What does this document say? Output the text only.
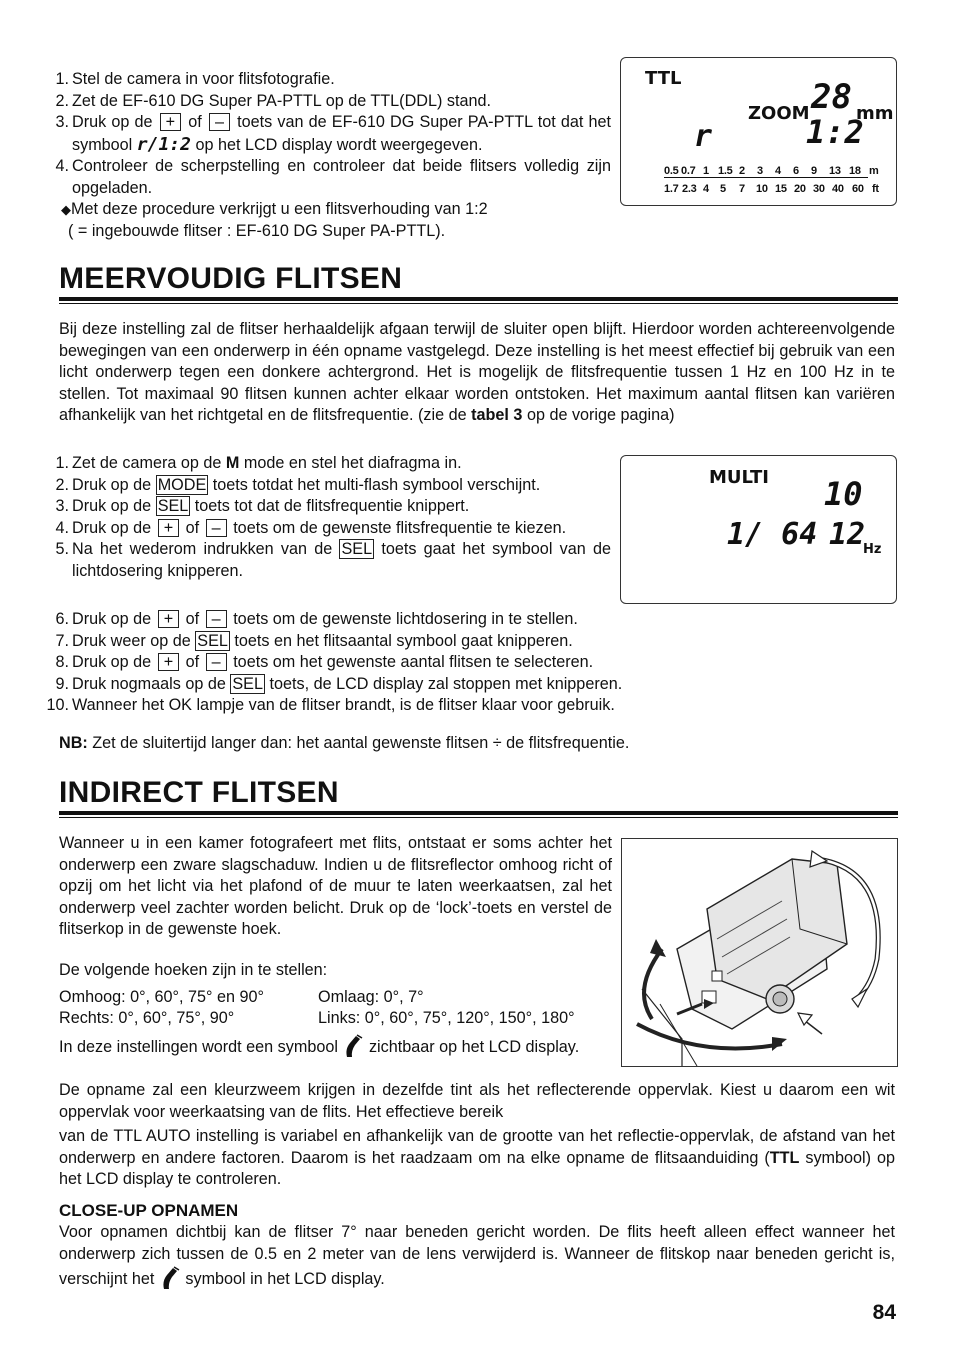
1. Stel de camera in voor flitsfotografie.
2. Zet de EF-610 DG Super PA-PTTL op de TTL(DDL) stand.
3. Druk op de + of – toets van de EF-610 DG Super PA-PTTL tot dat het symbool r/1:2 op het LCD display wordt weergegeven.
4. Controleer de scherpstelling en controleer dat beide flitsers volledig zijn opgeladen.
◆Met deze procedure verkrijgt u een flitsverhouding van 1:2
( = ingebouwde flitser : EF-610 DG Super PA-PTTL).
TTL
ZOOM 28 mm
r	1:2
0.5 0.7 1 1.5 2 3 4 6 9 13 18 m
1.7 2.3 4 5 7 10 15 20 30 40 60 ft
MEERVOUDIG FLITSEN
Bij deze instelling zal de flitser herhaaldelijk afgaan terwijl de sluiter open blijft. Hierdoor worden achtereenvolgende bewegingen van een onderwerp in één opname vastgelegd. Deze instelling is het meest effectief bij gebruik van een licht onderwerp tegen een donkere achtergrond. Het is mogelijk de flitsfrequentie tussen 1 Hz en 100 Hz in te stellen. Tot maximaal 90 flitsen kunnen achter elkaar worden ontstoken. Het maximum aantal flitsen kan variëren afhankelijk van het richtgetal en de flitsfrequentie. (zie de tabel 3 op de vorige pagina)
1. Zet de camera op de M mode en stel het diafragma in.
2. Druk op de MODE toets totdat het multi-flash symbool verschijnt.
3. Druk op de SEL toets tot dat de flitsfrequentie knippert.
4. Druk op de + of – toets om de gewenste flitsfrequentie te kiezen.
5. Na het wederom indrukken van de SEL toets gaat het symbool van de lichtdosering knipperen.
6. Druk op de + of – toets om de gewenste lichtdosering in te stellen.
7. Druk weer op de SEL toets en het flitsaantal symbool gaat knipperen.
8. Druk op de + of – toets om het gewenste aantal flitsen te selecteren.
9. Druk nogmaals op de SEL toets, de LCD display zal stoppen met knipperen.
10. Wanneer het OK lampje van de flitser brandt, is de flitser klaar voor gebruik.
NB: Zet de sluitertijd langer dan: het aantal gewenste flitsen ÷ de flitsfrequentie.
MULTI 10
1/ 64 12
Hz
INDIRECT FLITSEN
Wanneer u in een kamer fotografeert met flits, ontstaat er soms achter het onderwerp een zware slagschaduw. Indien u de flitsreflector omhoog richt of opzij om het licht via het plafond of de muur te laten weerkaatsen, zal het onderwerp veel zachter worden belicht. Druk op de ‘lock’-toets en verstel de flitserkop in de gewenste hoek.
De volgende hoeken zijn in te stellen:
Omhoog: 0°, 60°, 75° en 90°	Omlaag: 0°, 7°
Rechts: 0°, 60°, 75°, 90°	Links: 0°, 60°, 75°, 120°, 150°, 180°
In deze instellingen wordt een symbool zichtbaar op het LCD display.
De opname zal een kleurzweem krijgen in dezelfde tint als het reflecterende oppervlak. Kiest u daarom een wit oppervlak voor weerkaatsing van de flits. Het effectieve bereik
van de TTL AUTO instelling is variabel en afhankelijk van de grootte van het reflectie-oppervlak, de afstand van het onderwerp en andere factoren. Daarom is het raadzaam om na elke opname de flitsaanduiding (TTL symbool) op het LCD display te controleren.
CLOSE-UP OPNAMEN
Voor opnamen dichtbij kan de flitser 7° naar beneden gericht worden. De flits heeft alleen effect wanneer het onderwerp zich tussen de 0.5 en 2 meter van de lens verwijderd is. Wanneer de flitskop naar beneden gericht is, verschijnt het symbool in het LCD display.
84
